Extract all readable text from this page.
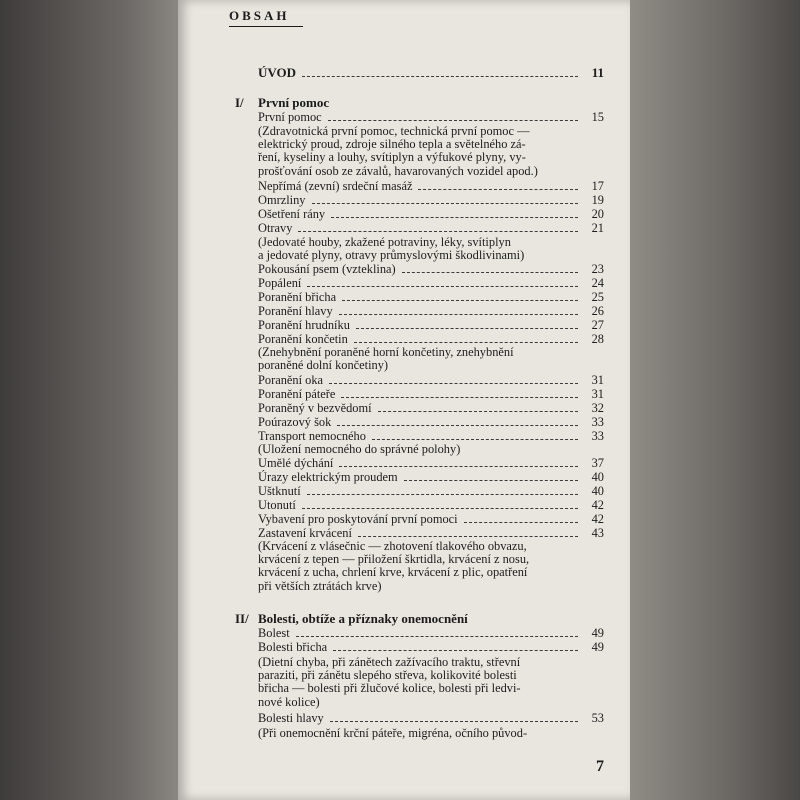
OBSAH
ÚVOD	11
I/ První pomoc
První pomoc	15
(Zdravotnická první pomoc, technická první pomoc —
elektrický proud, zdroje silného tepla a světelného zá-
ření, kyseliny a louhy, svítiplyn a výfukové plyny, vy-
prošťování osob ze závalů, havarovaných vozidel apod.)
Nepřímá (zevní) srdeční masáž	17
Omrzliny	19
Ošetření rány	20
Otravy	21
(Jedovaté houby, zkažené potraviny, léky, svítiplyn
a jedovaté plyny, otravy průmyslovými škodlivinami)
Pokousání psem (vzteklina)	23
Popálení	24
Poranění břicha	25
Poranění hlavy	26
Poranění hrudníku	27
Poranění končetin	28
(Znehybnění poraněné horní končetiny, znehybnění
poraněné dolní končetiny)
Poranění oka	31
Poranění páteře	31
Poraněný v bezvědomí	32
Poúrazový šok	33
Transport nemocného	33
(Uložení nemocného do správné polohy)
Umělé dýchání	37
Úrazy elektrickým proudem	40
Uštknutí	40
Utonutí	42
Vybavení pro poskytování první pomoci	42
Zastavení krvácení	43
(Krvácení z vlásečnic — zhotovení tlakového obvazu,
krvácení z tepen — přiložení škrtidla, krvácení z nosu,
krvácení z ucha, chrlení krve, krvácení z plic, opatření
při větších ztrátách krve)
II/ Bolesti, obtíže a příznaky onemocnění
Bolest	49
Bolesti břicha	49
(Dietní chyba, při zánětech zažívacího traktu, střevní
paraziti, při zánětu slepého střeva, kolikovité bolesti
břicha — bolesti při žlučové kolice, bolesti při ledvi-
nové kolice)
Bolesti hlavy	53
(Při onemocnění krční páteře, migréna, očního původ-
7
